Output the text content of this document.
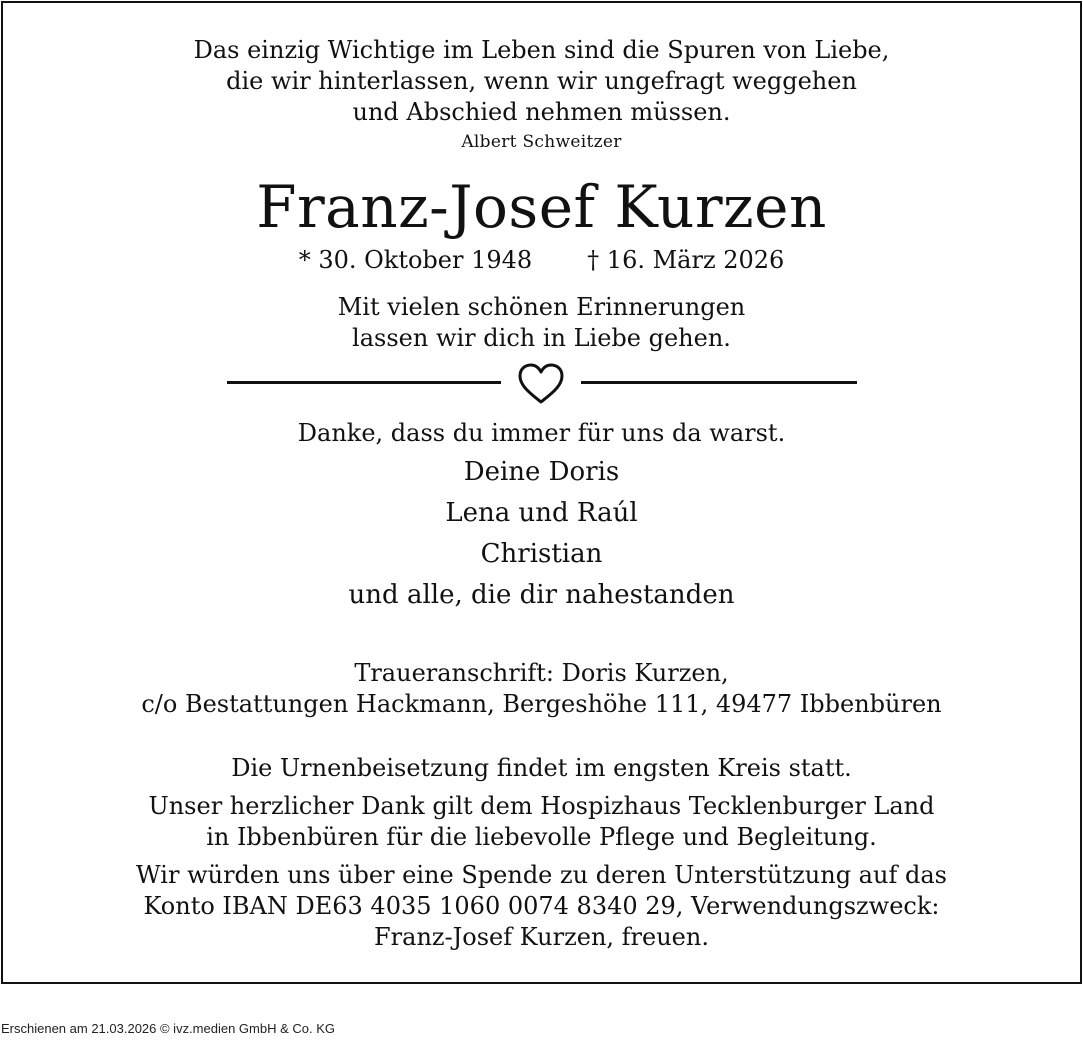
Das einzig Wichtige im Leben sind die Spuren von Liebe,
die wir hinterlassen, wenn wir ungefragt weggehen
und Abschied nehmen müssen.
Albert Schweitzer
Franz-Josef Kurzen
* 30. Oktober 1948 † 16. März 2026
Mit vielen schönen Erinnerungen
lassen wir dich in Liebe gehen.
Danke, dass du immer für uns da warst.
Deine Doris
Lena und Raúl
Christian
und alle, die dir nahestanden
Traueranschrift: Doris Kurzen,
c/o Bestattungen Hackmann, Bergeshöhe 111, 49477 Ibbenbüren
Die Urnenbeisetzung findet im engsten Kreis statt.
Unser herzlicher Dank gilt dem Hospizhaus Tecklenburger Land
in Ibbenbüren für die liebevolle Pflege und Begleitung.
Wir würden uns über eine Spende zu deren Unterstützung auf das
Konto IBAN DE63 4035 1060 0074 8340 29, Verwendungszweck:
Franz-Josef Kurzen, freuen.
Erschienen am 21.03.2026 © ivz.medien GmbH & Co. KG
